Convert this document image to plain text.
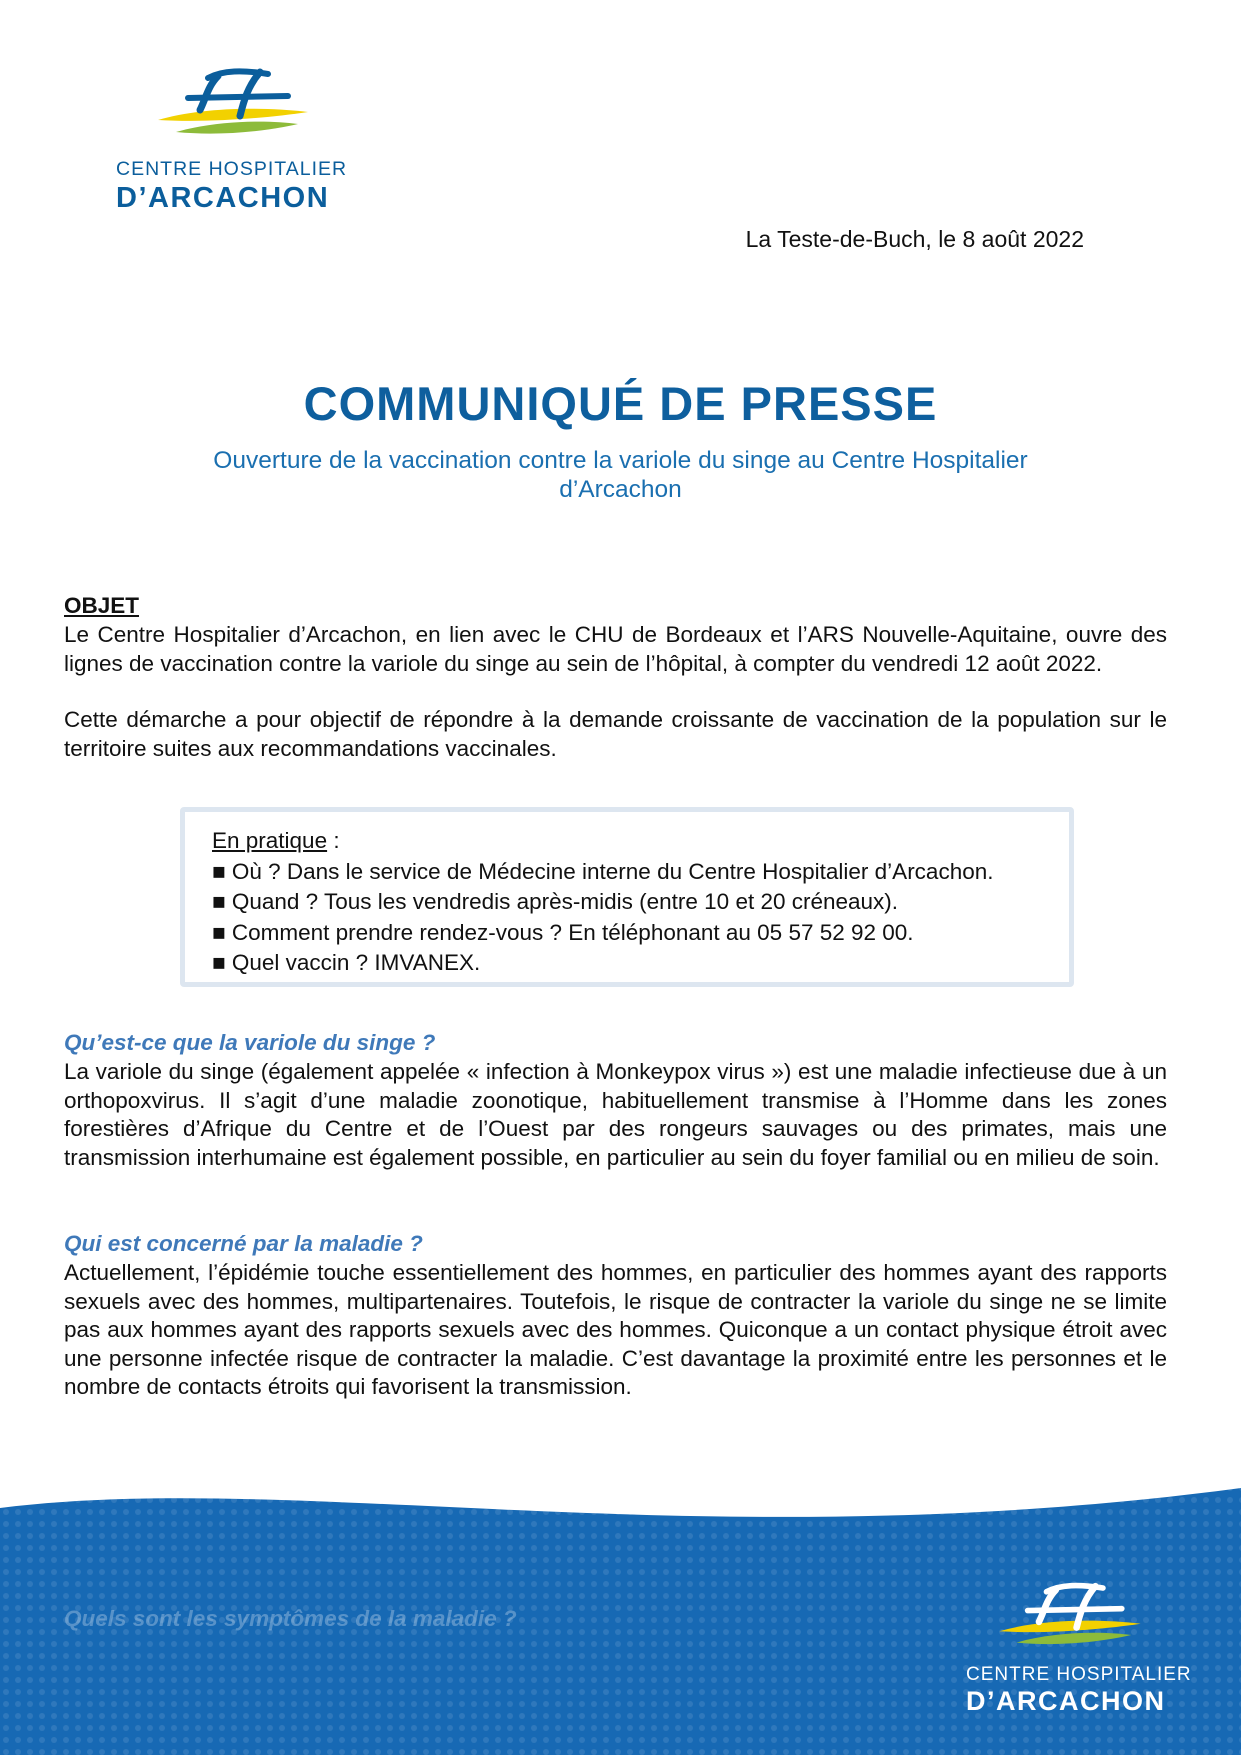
CENTRE HOSPITALIER
D’ARCACHON
La Teste-de-Buch, le 8 août 2022
COMMUNIQUÉ DE PRESSE
Ouverture de la vaccination contre la variole du singe au Centre Hospitalier d’Arcachon
OBJET
Le Centre Hospitalier d’Arcachon, en lien avec le CHU de Bordeaux et l’ARS Nouvelle-Aquitaine, ouvre des lignes de vaccination contre la variole du singe au sein de l’hôpital, à compter du vendredi 12 août 2022.
Cette démarche a pour objectif de répondre à la demande croissante de vaccination de la population sur le territoire suites aux recommandations vaccinales.
En pratique :
■ Où ? Dans le service de Médecine interne du Centre Hospitalier d’Arcachon.
■ Quand ? Tous les vendredis après-midis (entre 10 et 20 créneaux).
■ Comment prendre rendez-vous ? En téléphonant au 05 57 52 92 00.
■ Quel vaccin ? IMVANEX.
Qu’est-ce que la variole du singe ?
La variole du singe (également appelée « infection à Monkeypox virus ») est une maladie infectieuse due à un orthopoxvirus. Il s’agit d’une maladie zoonotique, habituellement transmise à l’Homme dans les zones forestières d’Afrique du Centre et de l’Ouest par des rongeurs sauvages ou des primates, mais une transmission interhumaine est également possible, en particulier au sein du foyer familial ou en milieu de soin.
Qui est concerné par la maladie ?
Actuellement, l’épidémie touche essentiellement des hommes, en particulier des hommes ayant des rapports sexuels avec des hommes, multipartenaires. Toutefois, le risque de contracter la variole du singe ne se limite pas aux hommes ayant des rapports sexuels avec des hommes. Quiconque a un contact physique étroit avec une personne infectée risque de contracter la maladie. C’est davantage la proximité entre les personnes et le nombre de contacts étroits qui favorisent la transmission.
Quels sont les symptômes de la maladie ?
CENTRE HOSPITALIER
D’ARCACHON
